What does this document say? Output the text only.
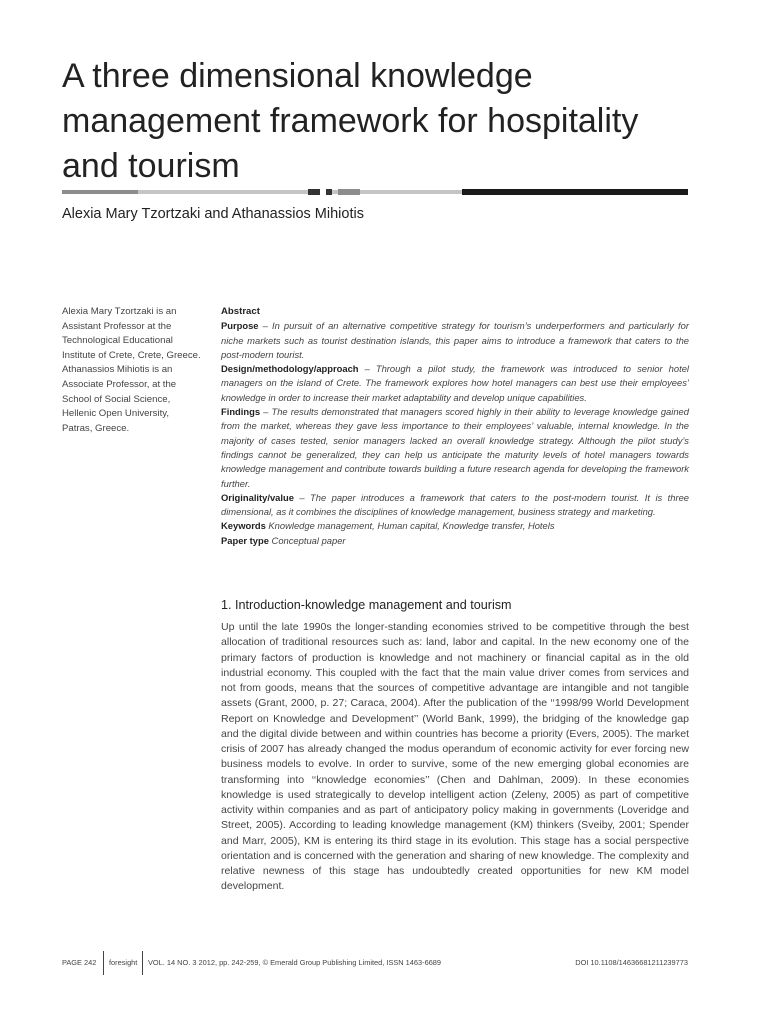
A three dimensional knowledge management framework for hospitality and tourism
Alexia Mary Tzortzaki and Athanassios Mihiotis
Alexia Mary Tzortzaki is an Assistant Professor at the Technological Educational Institute of Crete, Crete, Greece. Athanassios Mihiotis is an Associate Professor, at the School of Social Science, Hellenic Open University, Patras, Greece.

Abstract

Purpose – In pursuit of an alternative competitive strategy for tourism’s underperformers and particularly for niche markets such as tourist destination islands, this paper aims to introduce a framework that caters to the post-modern tourist.

Design/methodology/approach – Through a pilot study, the framework was introduced to senior hotel managers on the island of Crete. The framework explores how hotel managers can best use their employees’ knowledge in order to increase their market adaptability and develop unique capabilities.

Findings – The results demonstrated that managers scored highly in their ability to leverage knowledge gained from the market, whereas they gave less importance to their employees’ valuable, internal knowledge. In the majority of cases tested, senior managers lacked an overall knowledge strategy. Although the pilot study’s findings cannot be generalized, they can help us anticipate the maturity levels of hotel managers towards knowledge management and contribute towards building a future research agenda for developing the framework further.

Originality/value – The paper introduces a framework that caters to the post-modern tourist. It is three dimensional, as it combines the disciplines of knowledge management, business strategy and marketing.

Keywords Knowledge management, Human capital, Knowledge transfer, Hotels

Paper type Conceptual paper

1. Introduction-knowledge management and tourism

Up until the late 1990s the longer-standing economies strived to be competitive through the best allocation of traditional resources such as: land, labor and capital. In the new economy one of the primary factors of production is knowledge and not machinery or financial capital as in the old industrial economy. This coupled with the fact that the main value driver comes from services and not from goods, means that the sources of competitive advantage are intangible and not tangible assets (Grant, 2000, p. 27; Caraca, 2004). After the publication of the ‘‘1998/99 World Development Report on Knowledge and Development’’ (World Bank, 1999), the bridging of the knowledge gap and the digital divide between and within countries has become a priority (Evers, 2005). The market crisis of 2007 has already changed the modus operandum of economic activity for ever forcing new business models to evolve. In order to survive, some of the new emerging global economies are transforming into ‘‘knowledge economies’’ (Chen and Dahlman, 2009). In these economies knowledge is used strategically to develop intelligent action (Zeleny, 2005) as part of competitive activity within companies and as part of anticipatory policy making in governments (Loveridge and Street, 2005). According to leading knowledge management (KM) thinkers (Sveiby, 2001; Spender and Marr, 2005), KM is entering its third stage in its evolution. This stage has a social perspective orientation and is concerned with the generation and sharing of new knowledge. The complexity and relative newness of this stage has undoubtedly created opportunities for new KM model development.

PAGE 242 foresight VOL. 14 NO. 3 2012, pp. 242-259, © Emerald Group Publishing Limited, ISSN 1463-6689	DOI 10.1108/14636681211239773
